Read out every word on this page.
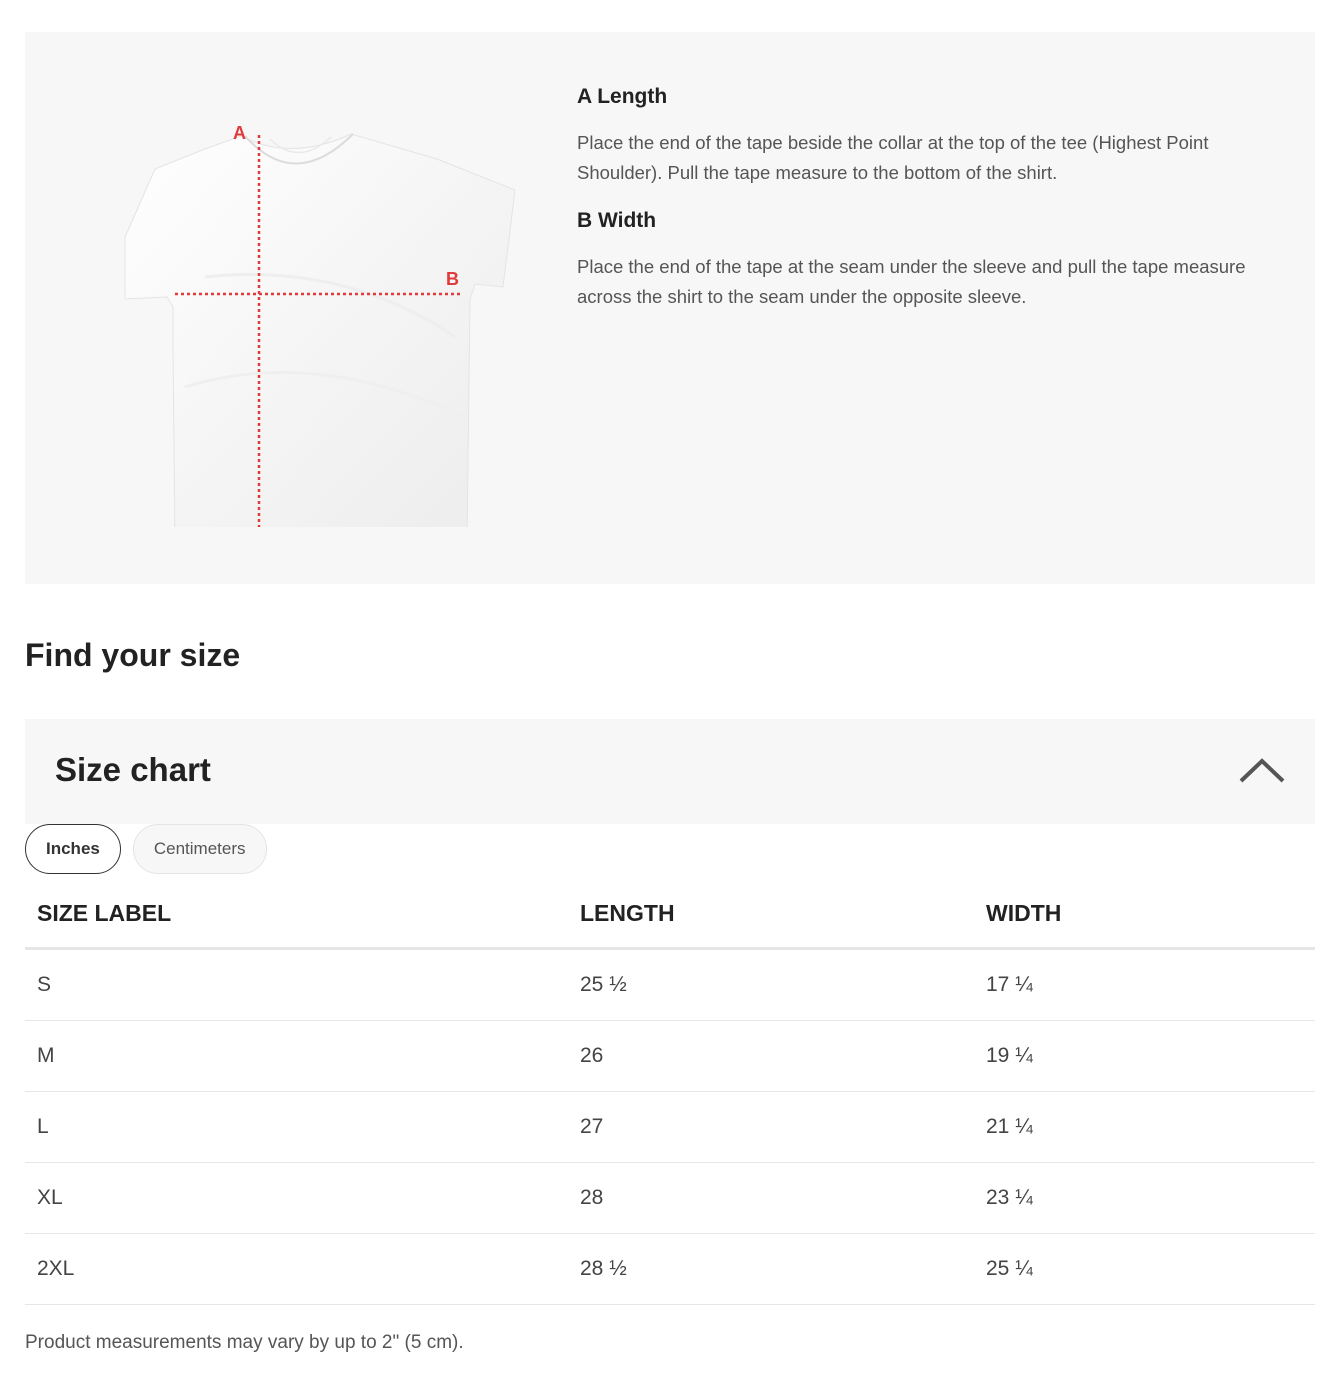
A
B
A Length

Place the end of the tape beside the collar at the top of the tee (Highest Point Shoulder). Pull the tape measure to the bottom of the shirt.

B Width

Place the end of the tape at the seam under the sleeve and pull the tape measure across the shirt to the seam under the opposite sleeve.

Find your size
Size chart
Inches	Centimeters
SIZE LABEL	LENGTH	WIDTH
S	25 ½	17 ¼
M	26	19 ¼
L	27	21 ¼
XL	28	23 ¼
2XL	28 ½	25 ¼

Product measurements may vary by up to 2" (5 cm).
